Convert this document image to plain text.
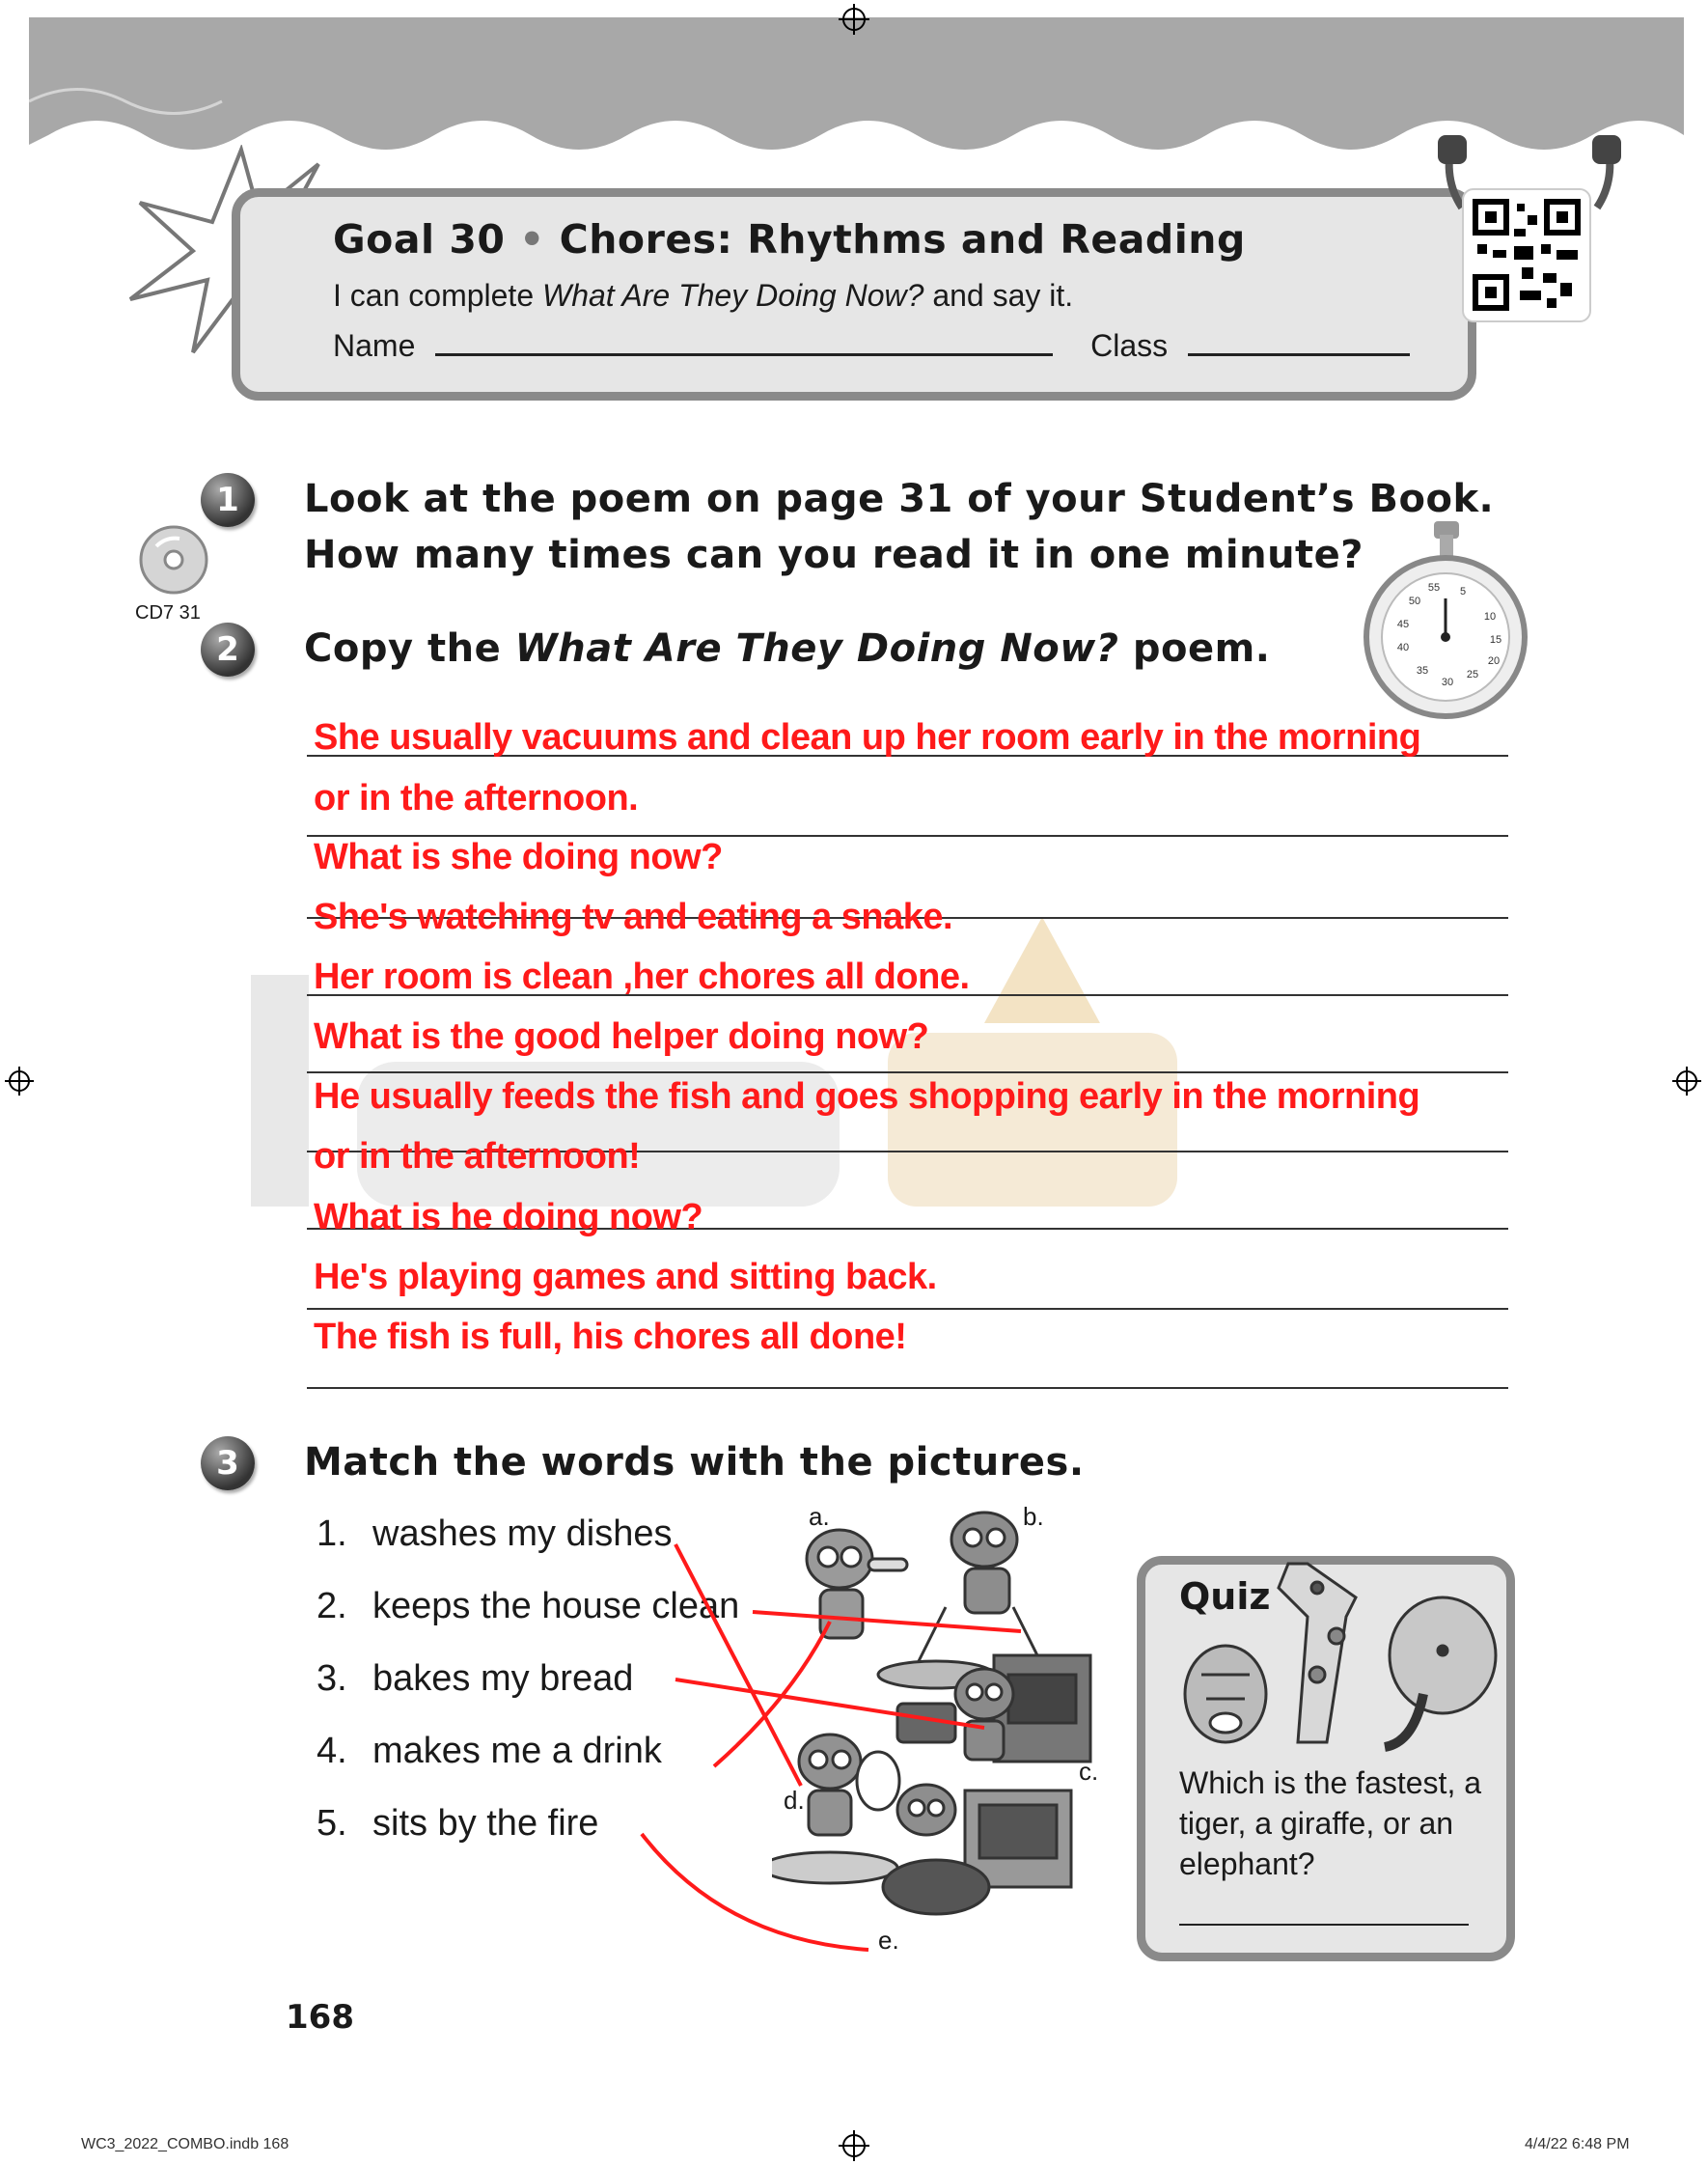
Goal 30 • Chores: Rhythms and Reading
I can complete What Are They Doing Now? and say it.
Name	Class
1	Look at the poem on page 31 of your Student’s Book.
How many times can you read it in one minute?
CD7 31
55 5
50
10
45
15
40
20
35	25
30
2	Copy the What Are They Doing Now? poem.
She usually vacuums and clean up her room early in the morning
or in the afternoon.
What is she doing now?
She's watching tv and eating a snake.
Her room is clean ,her chores all done.
What is the good helper doing now?
He usually feeds the fish and goes shopping early in the morning
or in the afternoon!
What is he doing now?
He's playing games and sitting back.
The fish is full, his chores all done!
3	Match the words with the pictures.
1. washes my dishes
2. keeps the house clean
3. bakes my bread
4. makes me a drink
5. sits by the fire
a.	b.
c.
d.
e.
Quiz
Which is the fastest, a tiger, a giraffe, or an elephant?
168
WC3_2022_COMBO.indb 168	4/4/22 6:48 PM
